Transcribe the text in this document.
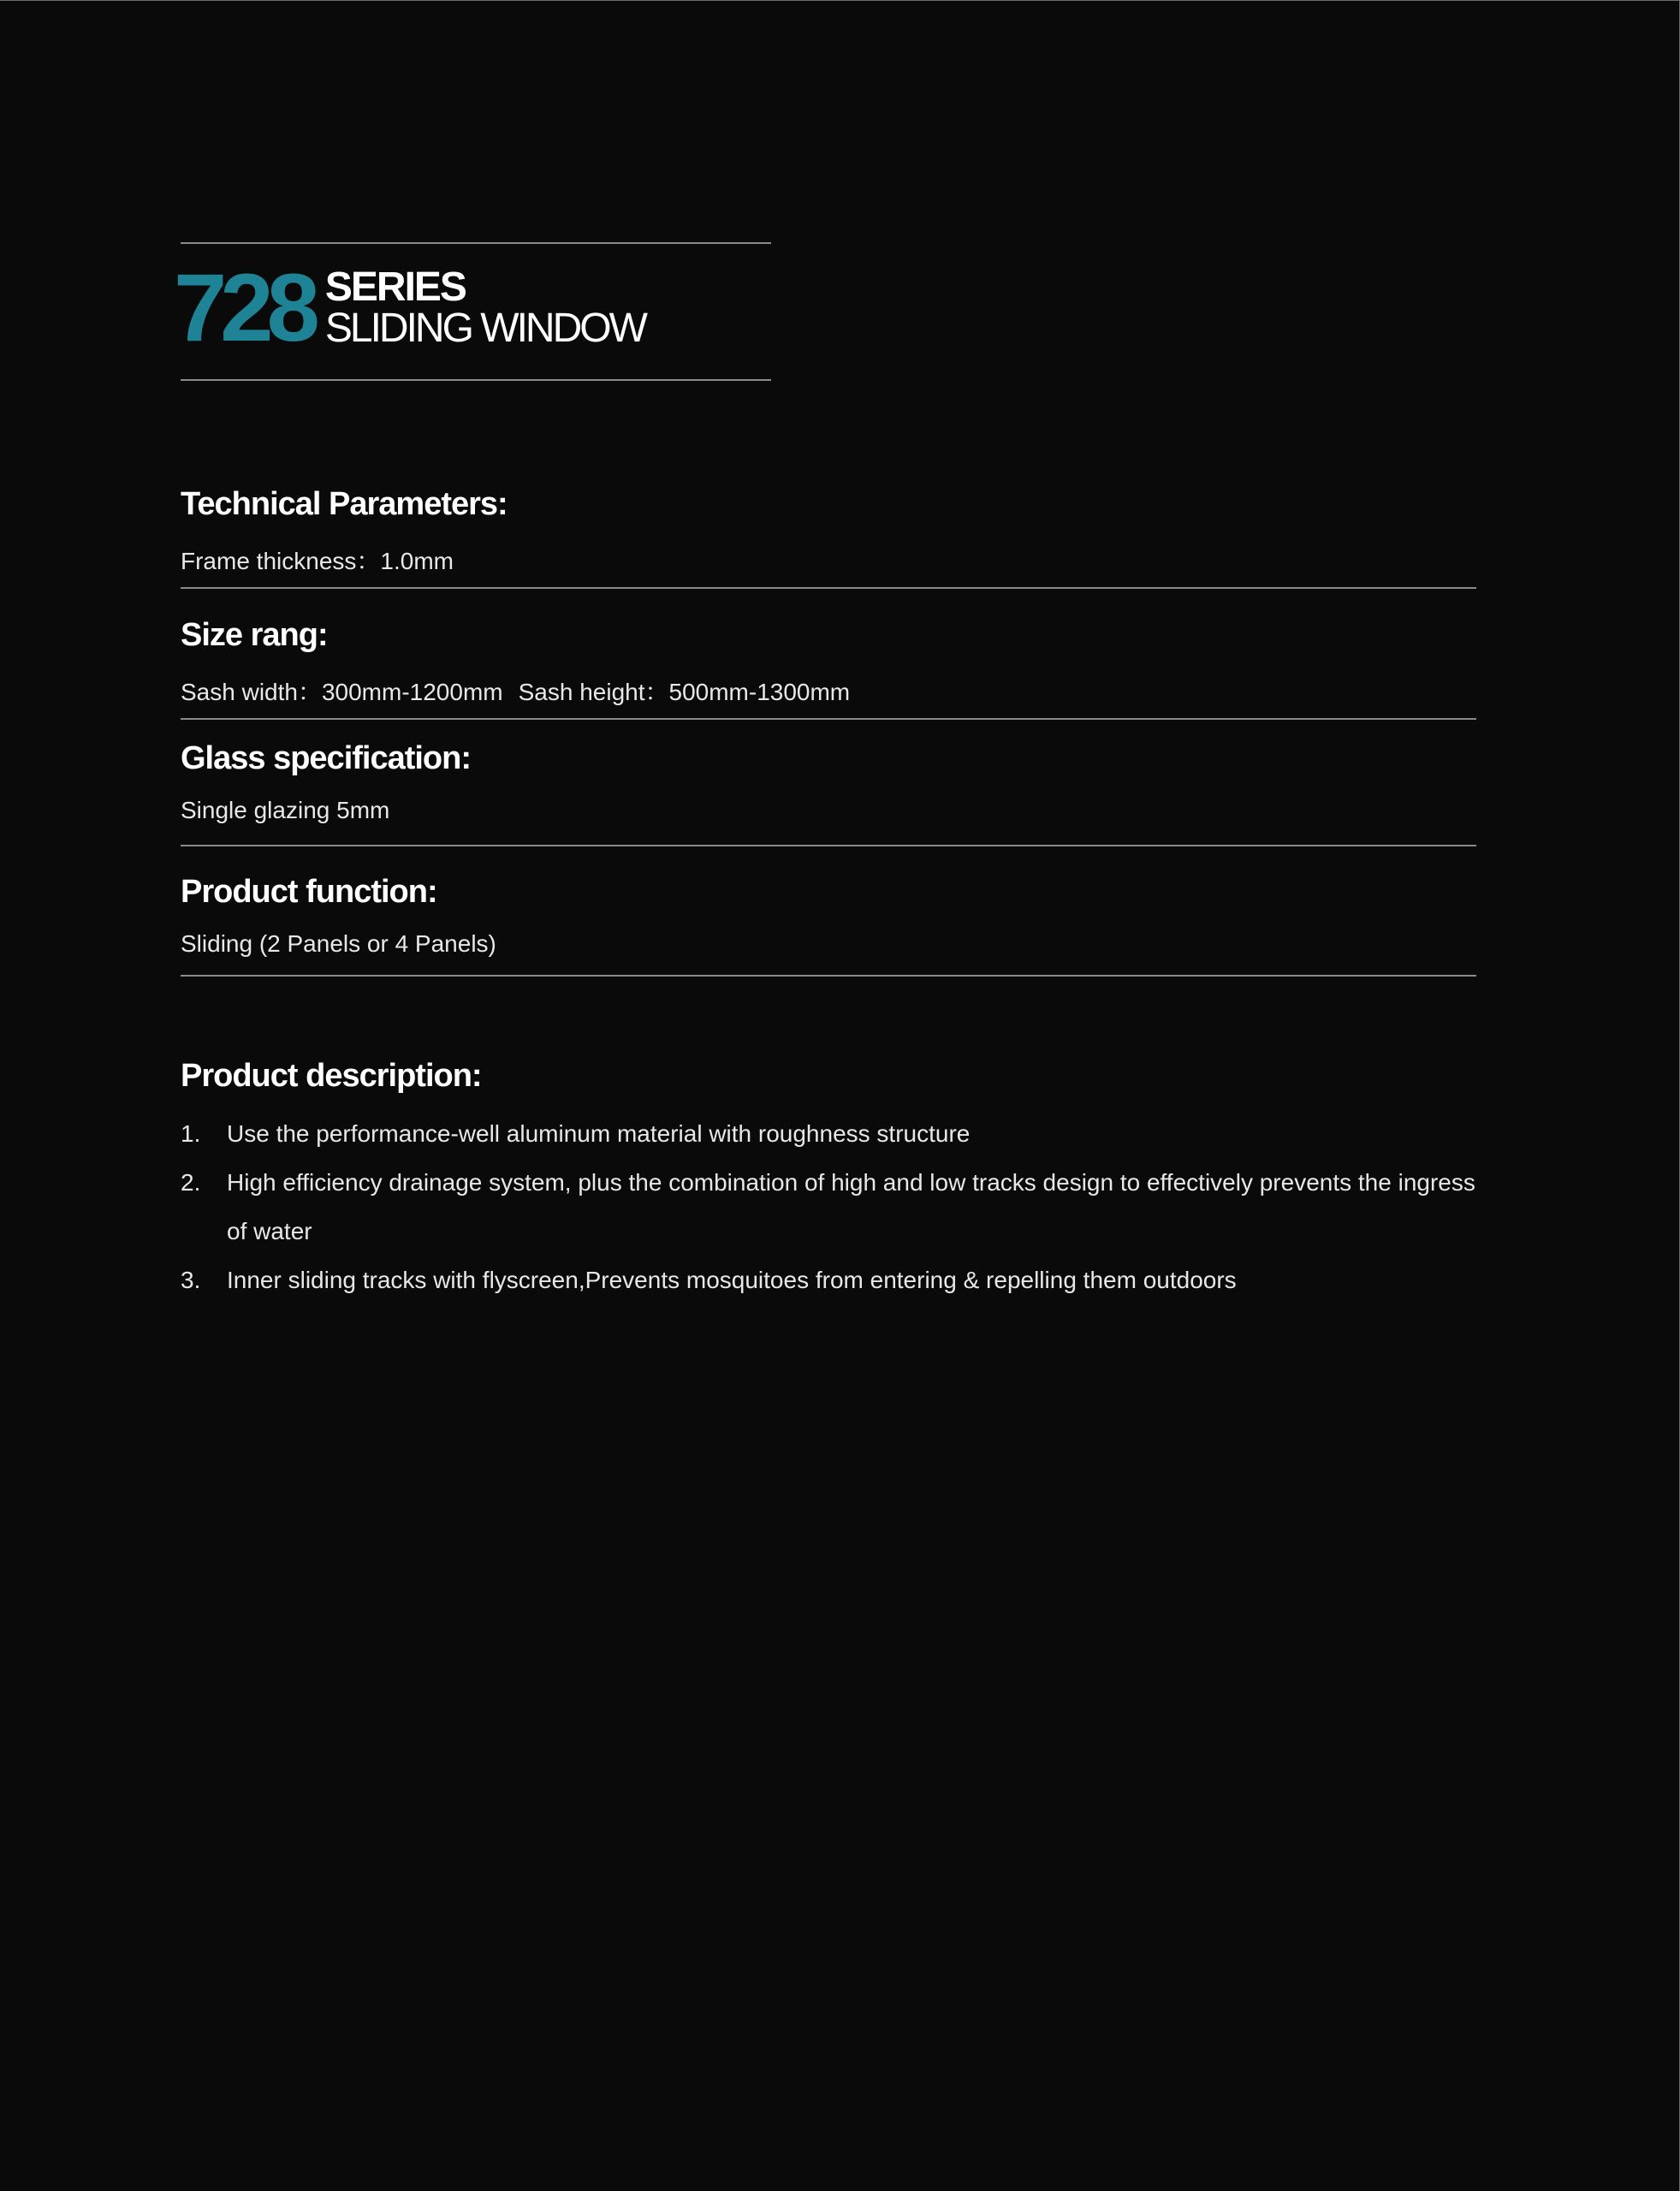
728 SERIES
SLIDING WINDOW
Technical Parameters:
Frame thickness：1.0mm
Size rang:
Sash width：300mm-1200mm Sash height：500mm-1300mm
Glass specification:
Single glazing 5mm
Product function:
Sliding (2 Panels or 4 Panels)
Product description:
1.	Use the performance-well aluminum material with roughness structure
2.	High efficiency drainage system, plus the combination of high and low tracks design to effectively prevents the ingress of water
3.	Inner sliding tracks with flyscreen,Prevents mosquitoes from entering & repelling them outdoors
